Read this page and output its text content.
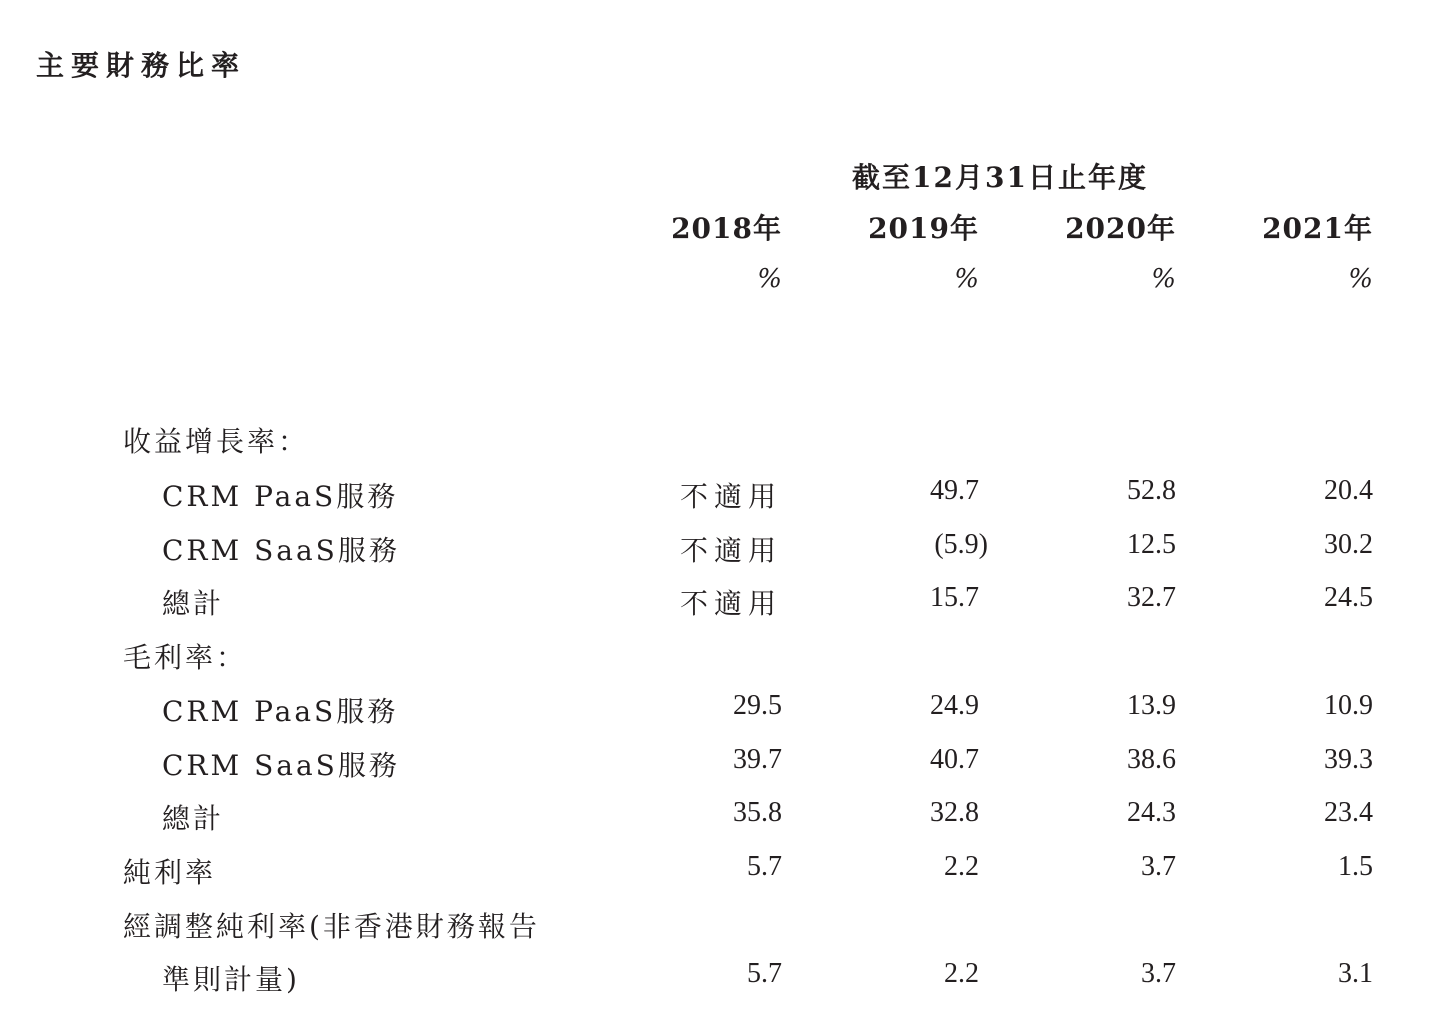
主要財務比率
截至12月31日止年度
2018年	2019年	2020年	2021年
%	%	%	%
收益增長率：
CRM PaaS服務	不適用	49.7	52.8	20.4
CRM SaaS服務	不適用	(5.9)	12.5	30.2
總計	不適用	15.7	32.7	24.5
毛利率：
CRM PaaS服務	29.5	24.9	13.9	10.9
CRM SaaS服務	39.7	40.7	38.6	39.3
總計	35.8	32.8	24.3	23.4
純利率	5.7	2.2	3.7	1.5
經調整純利率(非香港財務報告
準則計量)	5.7	2.2	3.7	3.1
